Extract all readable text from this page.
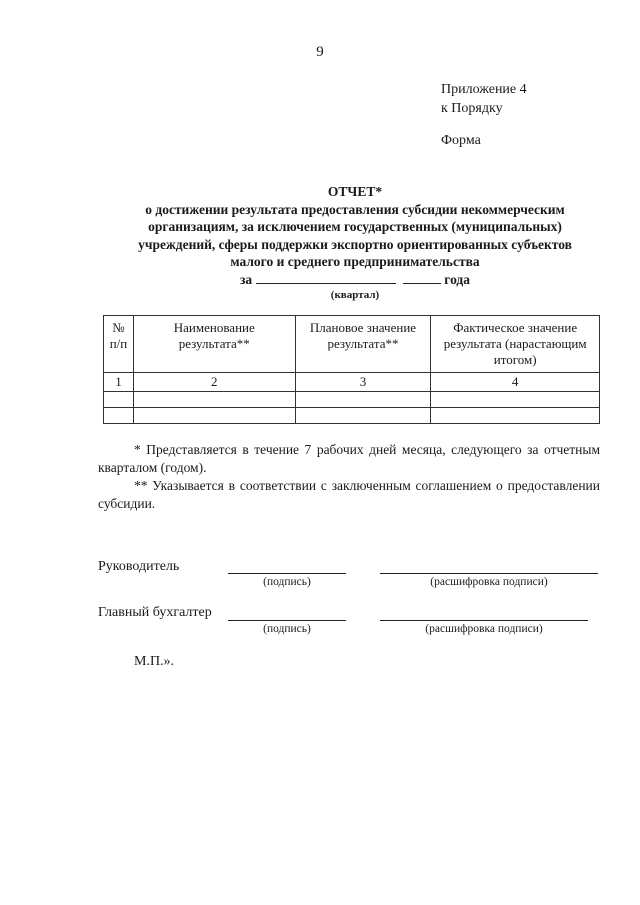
9
Приложение 4
к Порядку
Форма
ОТЧЕТ*
о достижении результата предоставления субсидии некоммерческим
организациям, за исключением государственных (муниципальных)
учреждений, сферы поддержки экспортно ориентированных субъектов
малого и среднего предпринимательства
за	года
(квартал)
№ п/п	Наименование результата**	Плановое значение результата**	Фактическое значение результата (нарастающим итогом)
1	2	3	4

* Представляется в течение 7 рабочих дней месяца, следующего за отчетным кварталом (годом).
** Указывается в соответствии с заключенным соглашением о предоставлении субсидии.
Руководитель
(подпись)	(расшифровка подписи)
Главный бухгалтер
(подпись)	(расшифровка подписи)
М.П.».
